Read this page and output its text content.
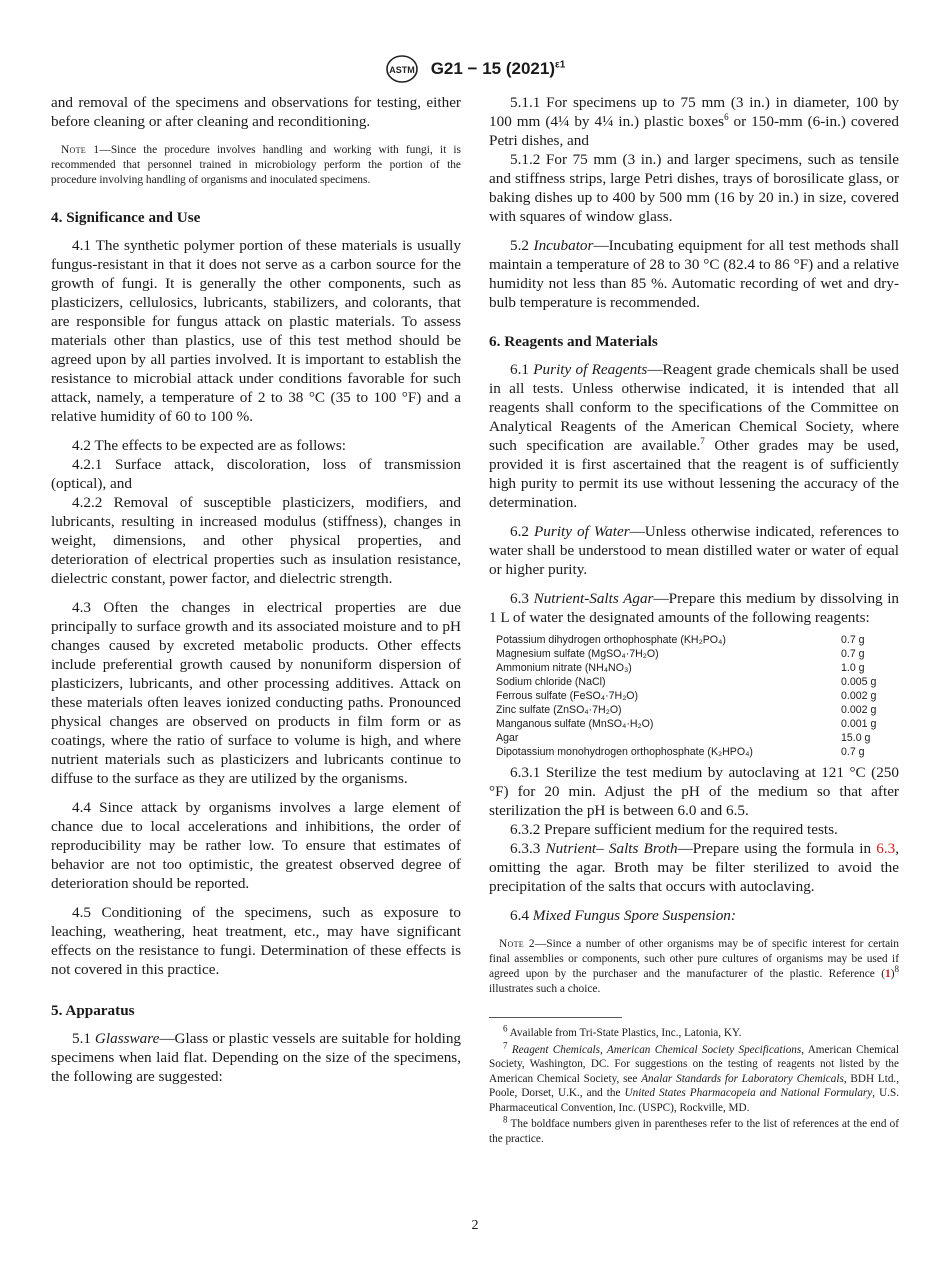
ASTM G21 − 15 $(2021)^{\varepsilon 1}$

and removal of the specimens and observations for testing, either before cleaning or after cleaning and reconditioning.

Note 1—Since the procedure involves handling and working with fungi, it is recommended that personnel trained in microbiology perform the portion of the procedure involving handling of organisms and inoculated specimens.

4. Significance and Use

4.1 The synthetic polymer portion of these materials is usually fungus-resistant in that it does not serve as a carbon source for the growth of fungi. It is generally the other components, such as plasticizers, cellulosics, lubricants, stabilizers, and colorants, that are responsible for fungus attack on plastic materials. To assess materials other than plastics, use of this test method should be agreed upon by all parties involved. It is important to establish the resistance to microbial attack under conditions favorable for such attack, namely, a temperature of 2 to 38 °C (35 to 100 °F) and a relative humidity of 60 to 100 %.

4.2 The effects to be expected are as follows:

4.2.1 Surface attack, discoloration, loss of transmission (optical), and

4.2.2 Removal of susceptible plasticizers, modifiers, and lubricants, resulting in increased modulus (stiffness), changes in weight, dimensions, and other physical properties, and deterioration of electrical properties such as insulation resistance, dielectric constant, power factor, and dielectric strength.

4.3 Often the changes in electrical properties are due principally to surface growth and its associated moisture and to pH changes caused by excreted metabolic products. Other effects include preferential growth caused by nonuniform dispersion of plasticizers, lubricants, and other processing additives. Attack on these materials often leaves ionized conducting paths. Pronounced physical changes are observed on products in film form or as coatings, where the ratio of surface to volume is high, and where nutrient materials such as plasticizers and lubricants continue to diffuse to the surface as they are utilized by the organisms.

4.4 Since attack by organisms involves a large element of chance due to local accelerations and inhibitions, the order of reproducibility may be rather low. To ensure that estimates of behavior are not too optimistic, the greatest observed degree of deterioration should be reported.

4.5 Conditioning of the specimens, such as exposure to leaching, weathering, heat treatment, etc., may have significant effects on the resistance to fungi. Determination of these effects is not covered in this practice.

5. Apparatus

5.1 Glassware—Glass or plastic vessels are suitable for holding specimens when laid flat. Depending on the size of the specimens, the following are suggested:

5.1.1 For specimens up to 75 mm (3 in.) in diameter, 100 by 100 mm (4¼ by 4¼ in.) plastic boxes$^6$ or 150-mm (6-in.) covered Petri dishes, and

5.1.2 For 75 mm (3 in.) and larger specimens, such as tensile and stiffness strips, large Petri dishes, trays of borosilicate glass, or baking dishes up to 400 by 500 mm (16 by 20 in.) in size, covered with squares of window glass.

5.2 Incubator—Incubating equipment for all test methods shall maintain a temperature of 28 to 30 °C (82.4 to 86 °F) and a relative humidity not less than 85 %. Automatic recording of wet and dry-bulb temperature is recommended.

6. Reagents and Materials

6.1 Purity of Reagents—Reagent grade chemicals shall be used in all tests. Unless otherwise indicated, it is intended that all reagents shall conform to the specifications of the Committee on Analytical Reagents of the American Chemical Society, where such specification are available.$^7$ Other grades may be used, provided it is first ascertained that the reagent is of sufficiently high purity to permit its use without lessening the accuracy of the determination.

6.2 Purity of Water—Unless otherwise indicated, references to water shall be understood to mean distilled water or water of equal or higher purity.

6.3 Nutrient-Salts Agar—Prepare this medium by dissolving in 1 L of water the designated amounts of the following reagents:

Potassium dihydrogen orthophosphate (KH₂PO₄)	0.7 g
Magnesium sulfate (MgSO₄·7H₂O)	0.7 g
Ammonium nitrate (NH₄NO₃)	1.0 g
Sodium chloride (NaCl)	0.005 g
Ferrous sulfate (FeSO₄·7H₂O)	0.002 g
Zinc sulfate (ZnSO₄·7H₂O)	0.002 g
Manganous sulfate (MnSO₄·H₂O)	0.001 g
Agar	15.0 g
Dipotassium monohydrogen orthophosphate (K₂HPO₄)	0.7 g

6.3.1 Sterilize the test medium by autoclaving at 121 °C (250 °F) for 20 min. Adjust the pH of the medium so that after sterilization the pH is between 6.0 and 6.5.

6.3.2 Prepare sufficient medium for the required tests.

6.3.3 Nutrient– Salts Broth—Prepare using the formula in 6.3, omitting the agar. Broth may be filter sterilized to avoid the precipitation of the salts that occurs with autoclaving.

6.4 Mixed Fungus Spore Suspension:

Note 2—Since a number of other organisms may be of specific interest for certain final assemblies or components, such other pure cultures of organisms may be used if agreed upon by the purchaser and the manufacturer of the plastic. Reference $(1)^8$ illustrates such a choice.

$^6$ Available from Tri-State Plastics, Inc., Latonia, KY.

$^7$ Reagent Chemicals, American Chemical Society Specifications, American Chemical Society, Washington, DC. For suggestions on the testing of reagents not listed by the American Chemical Society, see Analar Standards for Laboratory Chemicals, BDH Ltd., Poole, Dorset, U.K., and the United States Pharmacopeia and National Formulary, U.S. Pharmaceutical Convention, Inc. (USPC), Rockville, MD.

$^8$ The boldface numbers given in parentheses refer to the list of references at the end of the practice.

2
